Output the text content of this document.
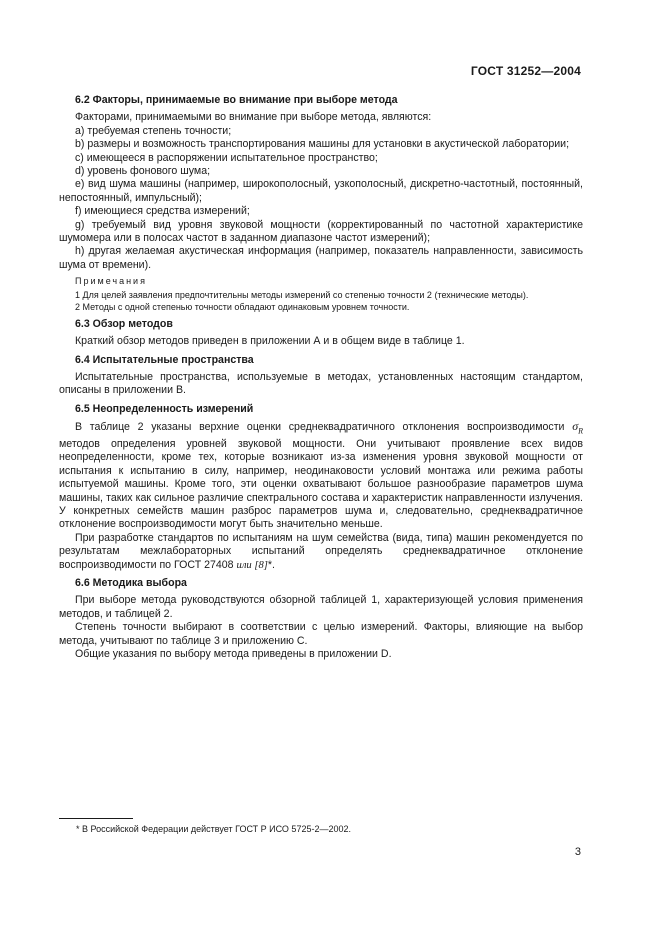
ГОСТ 31252—2004

6.2 Факторы, принимаемые во внимание при выборе метода

Факторами, принимаемыми во внимание при выборе метода, являются:

а) требуемая степень точности;

b) размеры и возможность транспортирования машины для установки в акустической лаборатории;

с) имеющееся в распоряжении испытательное пространство;

d) уровень фонового шума;

е) вид шума машины (например, широкополосный, узкополосный, дискретно-частотный, постоянный, непостоянный, импульсный);

f) имеющиеся средства измерений;

g) требуемый вид уровня звуковой мощности (корректированный по частотной характеристике шумомера или в полосах частот в заданном диапазоне частот измерений);

h) другая желаемая акустическая информация (например, показатель направленности, зависимость шума от времени).

Примечания

1 Для целей заявления предпочтительны методы измерений со степенью точности 2 (технические методы).

2 Методы с одной степенью точности обладают одинаковым уровнем точности.

6.3 Обзор методов

Краткий обзор методов приведен в приложении А и в общем виде в таблице 1.

6.4 Испытательные пространства

Испытательные пространства, используемые в методах, установленных настоящим стандартом, описаны в приложении В.

6.5 Неопределенность измерений

В таблице 2 указаны верхние оценки среднеквадратичного отклонения воспроизводимости $\sigma_R$ методов определения уровней звуковой мощности. Они учитывают проявление всех видов неопределенности, кроме тех, которые возникают из-за изменения уровня звуковой мощности от испытания к испытанию в силу, например, неодинаковости условий монтажа или режима работы испытуемой машины. Кроме того, эти оценки охватывают большое разнообразие параметров шума машины, таких как сильное различие спектрального состава и характеристик направленности излучения. У конкретных семейств машин разброс параметров шума и, следовательно, среднеквадратичное отклонение воспроизводимости могут быть значительно меньше.

При разработке стандартов по испытаниям на шум семейства (вида, типа) машин рекомендуется по результатам межлабораторных испытаний определять среднеквадратичное отклонение воспроизводимости по ГОСТ 27408 или [8]*.

6.6 Методика выбора

При выборе метода руководствуются обзорной таблицей 1, характеризующей условия применения методов, и таблицей 2.

Степень точности выбирают в соответствии с целью измерений. Факторы, влияющие на выбор метода, учитывают по таблице 3 и приложению С.

Общие указания по выбору метода приведены в приложении D.

* В Российской Федерации действует ГОСТ Р ИСО 5725-2—2002.
3
